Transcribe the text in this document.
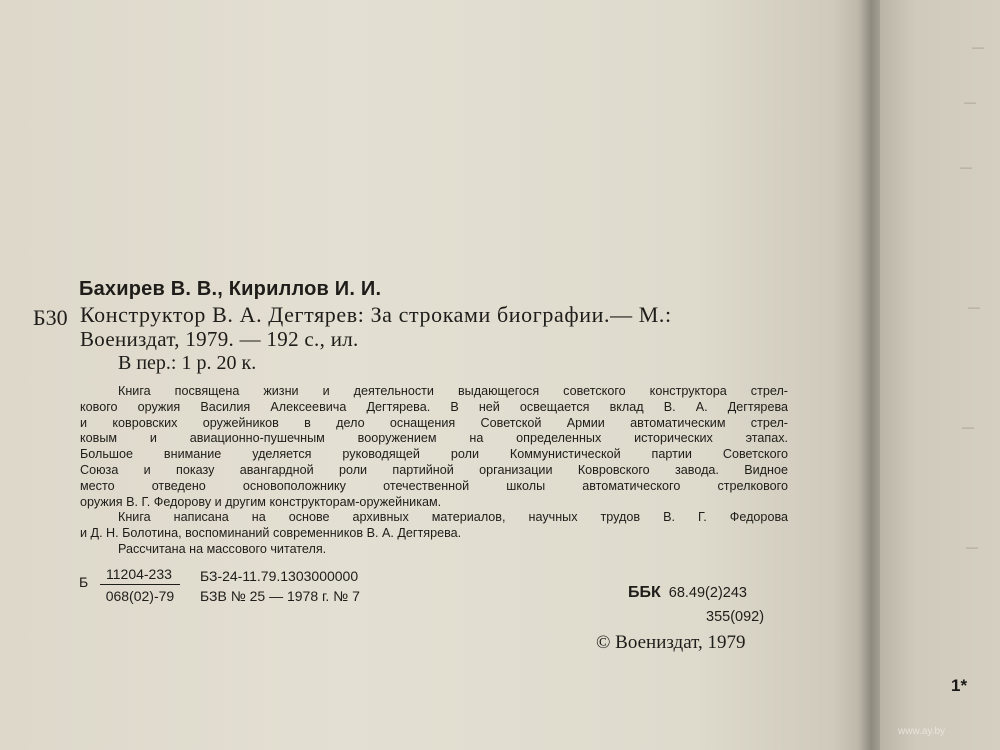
—
—
—
—
—
—
Бахирев В. В., Кириллов И. И.
Б30 Конструктор В. А. Дегтярев: За строками биографии.— М.:
Воениздат, 1979. — 192 с., ил.
В пер.: 1 р. 20 к.
Книга посвящена жизни и деятельности выдающегося советского конструктора стрел-
кового оружия Василия Алексеевича Дегтярева. В ней освещается вклад В. А. Дегтярева
и ковровских оружейников в дело оснащения Советской Армии автоматическим стрел-
ковым и авиационно-пушечным вооружением на определенных исторических этапах.
Большое внимание уделяется руководящей роли Коммунистической партии Советского
Союза и показу авангардной роли партийной организации Ковровского завода. Видное
место отведено основоположнику отечественной школы автоматического стрелкового
оружия В. Г. Федорову и другим конструкторам-оружейникам.
Книга написана на основе архивных материалов, научных трудов В. Г. Федорова
и Д. Н. Болотина, воспоминаний современников В. А. Дегтярева.
Рассчитана на массового читателя.
Б $\frac{11204-233}{068(02)-79} БЗ-24-11.79.1303000000$
БЗВ № 25 — 1978 г. № 7	ББК 68.49(2)243
355(092)
© Воениздат, 1979
1*
www.ay.by
